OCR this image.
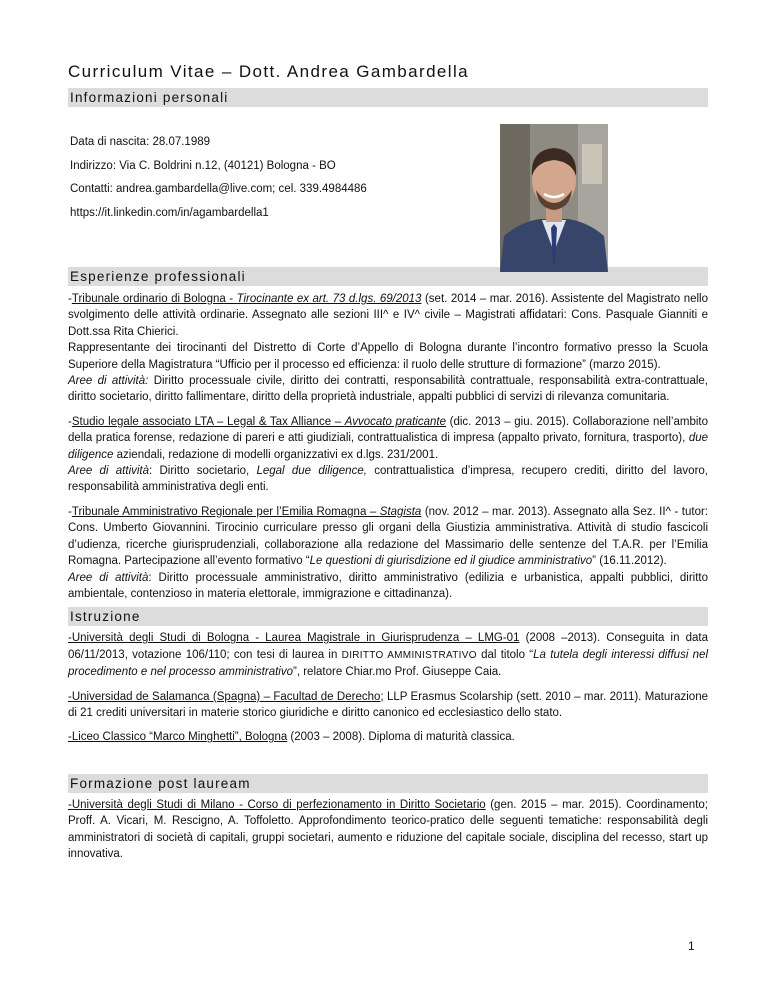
Curriculum Vitae – Dott. Andrea Gambardella
Informazioni personali
Data di nascita: 28.07.1989
Indirizzo: Via C. Boldrini n.12, (40121) Bologna - BO
Contatti: andrea.gambardella@live.com; cel. 339.4984486
https://it.linkedin.com/in/agambardella1
Esperienze professionali

-Tribunale ordinario di Bologna - Tirocinante ex art. 73 d.lgs. 69/2013 (set. 2014 – mar. 2016). Assistente del Magistrato nello svolgimento delle attività ordinarie. Assegnato alle sezioni III^ e IV^ civile – Magistrati affidatari: Cons. Pasquale Gianniti e Dott.ssa Rita Chierici.
Rappresentante dei tirocinanti del Distretto di Corte d’Appello di Bologna durante l’incontro formativo presso la Scuola Superiore della Magistratura “Ufficio per il processo ed efficienza: il ruolo delle strutture di formazione” (marzo 2015).
Aree di attività: Diritto processuale civile, diritto dei contratti, responsabilità contrattuale, responsabilità extra-contrattuale, diritto societario, diritto fallimentare, diritto della proprietà industriale, appalti pubblici di servizi di rilevanza comunitaria.

-Studio legale associato LTA – Legal & Tax Alliance – Avvocato praticante (dic. 2013 – giu. 2015). Collaborazione nell’ambito della pratica forense, redazione di pareri e atti giudiziali, contrattualistica di impresa (appalto privato, fornitura, trasporto), due diligence aziendali, redazione di modelli organizzativi ex d.lgs. 231/2001.
Aree di attività: Diritto societario, Legal due diligence, contrattualistica d’impresa, recupero crediti, diritto del lavoro, responsabilità amministrativa degli enti.

-Tribunale Amministrativo Regionale per l’Emilia Romagna – Stagista (nov. 2012 – mar. 2013). Assegnato alla Sez. II^ - tutor: Cons. Umberto Giovannini. Tirocinio curriculare presso gli organi della Giustizia amministrativa. Attività di studio fascicoli d’udienza, ricerche giurisprudenziali, collaborazione alla redazione del Massimario delle sentenze del T.A.R. per l’Emilia Romagna. Partecipazione all’evento formativo “Le questioni di giurisdizione ed il giudice amministrativo” (16.11.2012).
Aree di attività: Diritto processuale amministrativo, diritto amministrativo (edilizia e urbanistica, appalti pubblici, diritto ambientale, contenzioso in materia elettorale, immigrazione e cittadinanza).

Istruzione

-Università degli Studi di Bologna - Laurea Magistrale in Giurisprudenza – LMG-01 (2008 –2013). Conseguita in data 06/11/2013, votazione 106/110; con tesi di laurea in DIRITTO AMMINISTRATIVO dal titolo “La tutela degli interessi diffusi nel procedimento e nel processo amministrativo”, relatore Chiar.mo Prof. Giuseppe Caia.

-Universidad de Salamanca (Spagna) – Facultad de Derecho; LLP Erasmus Scolarship (sett. 2010 – mar. 2011). Maturazione di 21 crediti universitari in materie storico giuridiche e diritto canonico ed ecclesiastico dello stato.

-Liceo Classico “Marco Minghetti”, Bologna (2003 – 2008). Diploma di maturità classica.

Formazione post lauream

-Università degli Studi di Milano - Corso di perfezionamento in Diritto Societario (gen. 2015 – mar. 2015). Coordinamento; Proff. A. Vicari, M. Rescigno, A. Toffoletto. Approfondimento teorico-pratico delle seguenti tematiche: responsabilità degli amministratori di società di capitali, gruppi societari, aumento e riduzione del capitale sociale, disciplina del recesso, start up innovativa.

1
